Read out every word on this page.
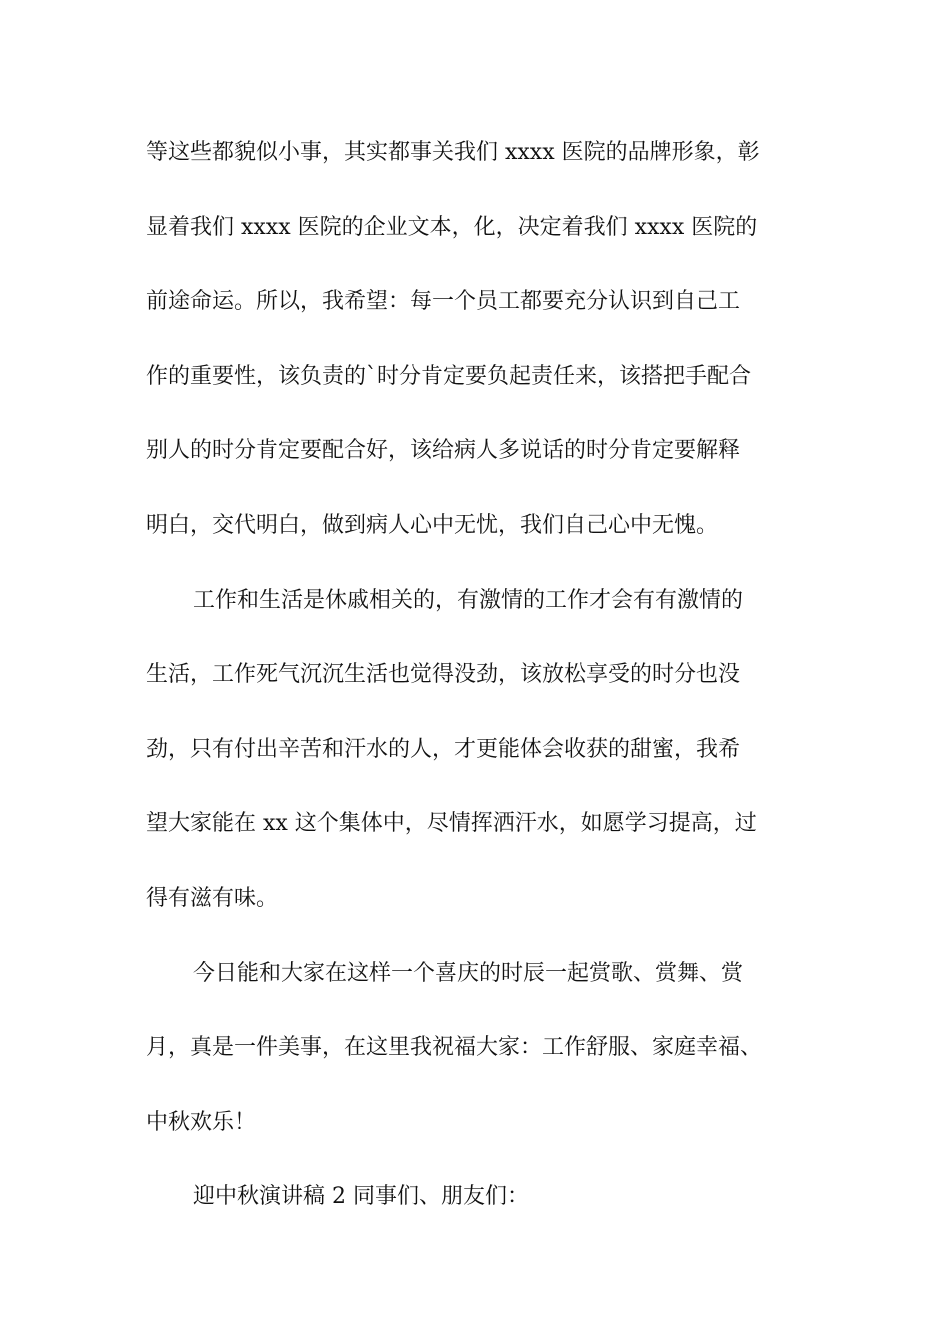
等这些都貌似小事，其实都事关我们 xxxx 医院的品牌形象，彰
显着我们 xxxx 医院的企业文本，化，决定着我们 xxxx 医院的
前途命运。所以，我希望：每一个员工都要充分认识到自己工
作的重要性，该负责的`时分肯定要负起责任来，该搭把手配合
别人的时分肯定要配合好，该给病人多说话的时分肯定要解释
明白，交代明白，做到病人心中无忧，我们自己心中无愧。
工作和生活是休戚相关的，有激情的工作才会有有激情的
生活，工作死气沉沉生活也觉得没劲，该放松享受的时分也没
劲，只有付出辛苦和汗水的人，才更能体会收获的甜蜜，我希
望大家能在 xx 这个集体中，尽情挥洒汗水，如愿学习提高，过
得有滋有味。
今日能和大家在这样一个喜庆的时辰一起赏歌、赏舞、赏
月，真是一件美事，在这里我祝福大家：工作舒服、家庭幸福、
中秋欢乐！
迎中秋演讲稿 2 同事们、朋友们：
